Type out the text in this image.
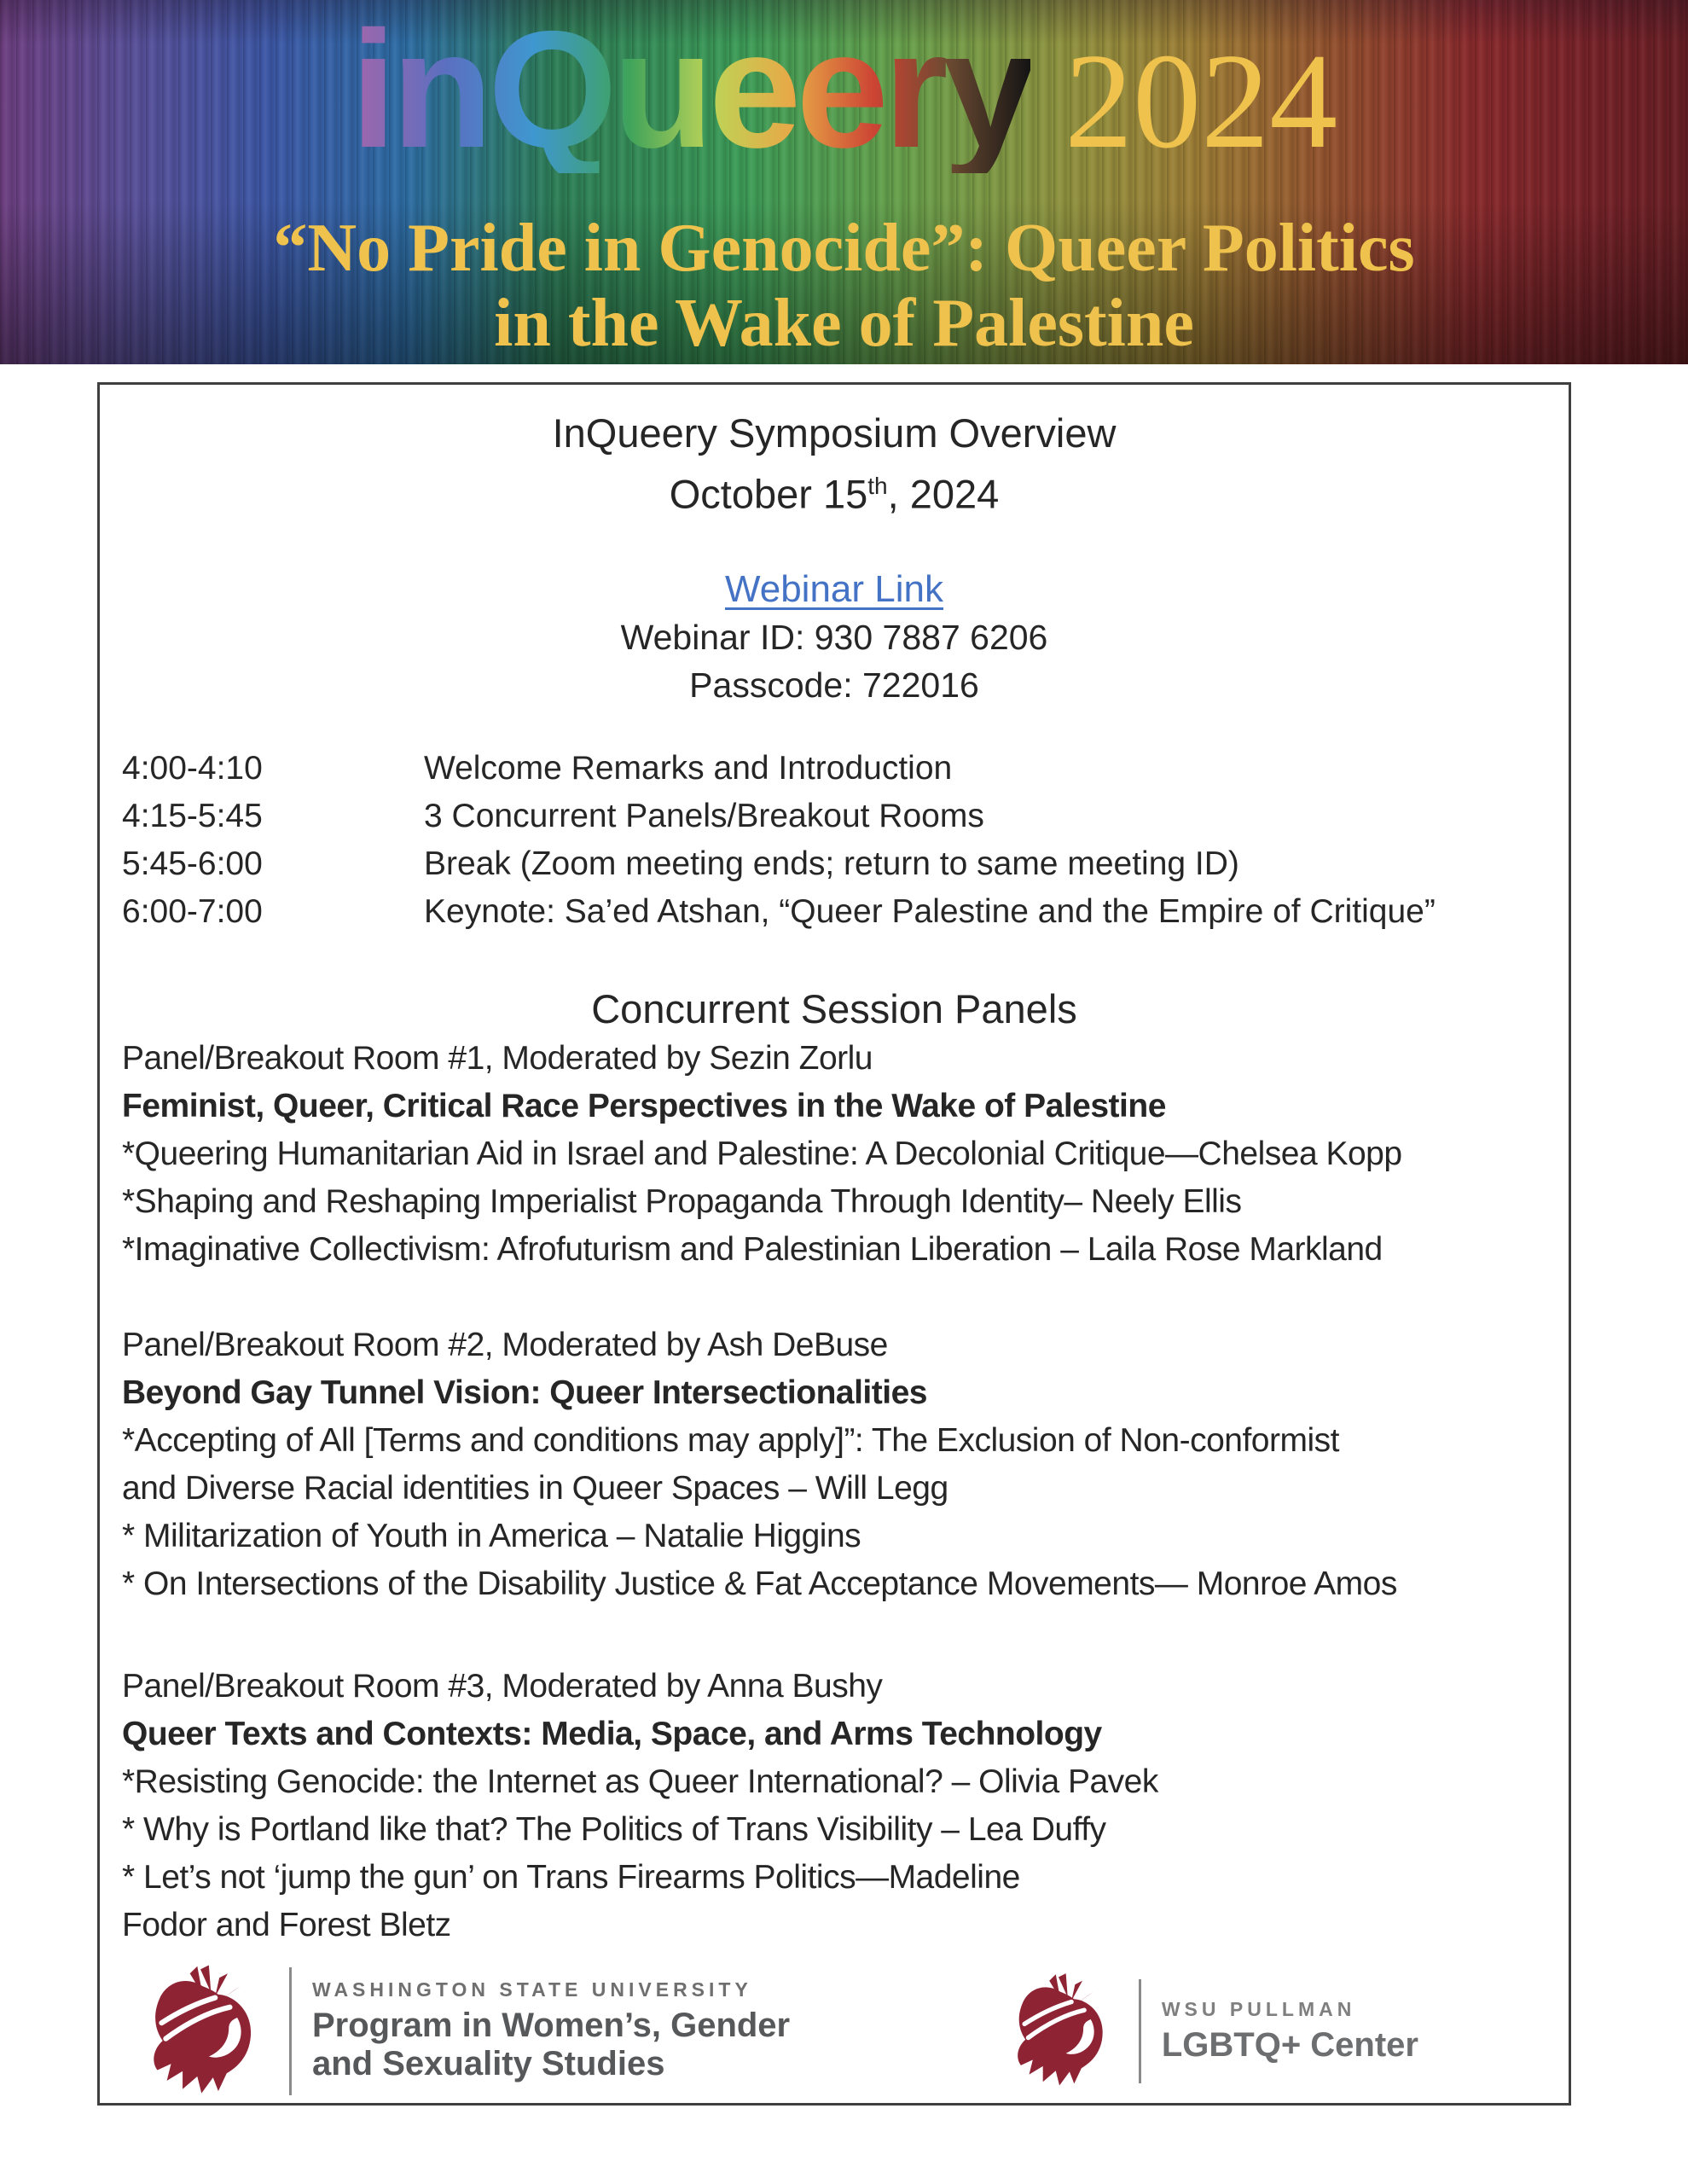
inQueery 2024
“No Pride in Genocide”: Queer Politics
in the Wake of Palestine
InQueery Symposium Overview
October 15th, 2024
Webinar Link
Webinar ID: 930 7887 6206
Passcode: 722016
4:00-4:10	Welcome Remarks and Introduction
4:15-5:45	3 Concurrent Panels/Breakout Rooms
5:45-6:00	Break (Zoom meeting ends; return to same meeting ID)
6:00-7:00	Keynote: Sa’ed Atshan, “Queer Palestine and the Empire of Critique”
Concurrent Session Panels
Panel/Breakout Room #1, Moderated by Sezin Zorlu
Feminist, Queer, Critical Race Perspectives in the Wake of Palestine
*Queering Humanitarian Aid in Israel and Palestine: A Decolonial Critique—Chelsea Kopp
*Shaping and Reshaping Imperialist Propaganda Through Identity– Neely Ellis
*Imaginative Collectivism: Afrofuturism and Palestinian Liberation – Laila Rose Markland
Panel/Breakout Room #2, Moderated by Ash DeBuse
Beyond Gay Tunnel Vision: Queer Intersectionalities
*Accepting of All [Terms and conditions may apply]”: The Exclusion of Non-conformist
and Diverse Racial identities in Queer Spaces – Will Legg
* Militarization of Youth in America – Natalie Higgins
* On Intersections of the Disability Justice & Fat Acceptance Movements— Monroe Amos
Panel/Breakout Room #3, Moderated by Anna Bushy
Queer Texts and Contexts: Media, Space, and Arms Technology
*Resisting Genocide: the Internet as Queer International? – Olivia Pavek
* Why is Portland like that? The Politics of Trans Visibility – Lea Duffy
* Let’s not ‘jump the gun’ on Trans Firearms Politics—Madeline
Fodor and Forest Bletz
WASHINGTON STATE UNIVERSITY
Program in Women’s, Gender
and Sexuality Studies
WSU PULLMAN
LGBTQ+ Center
